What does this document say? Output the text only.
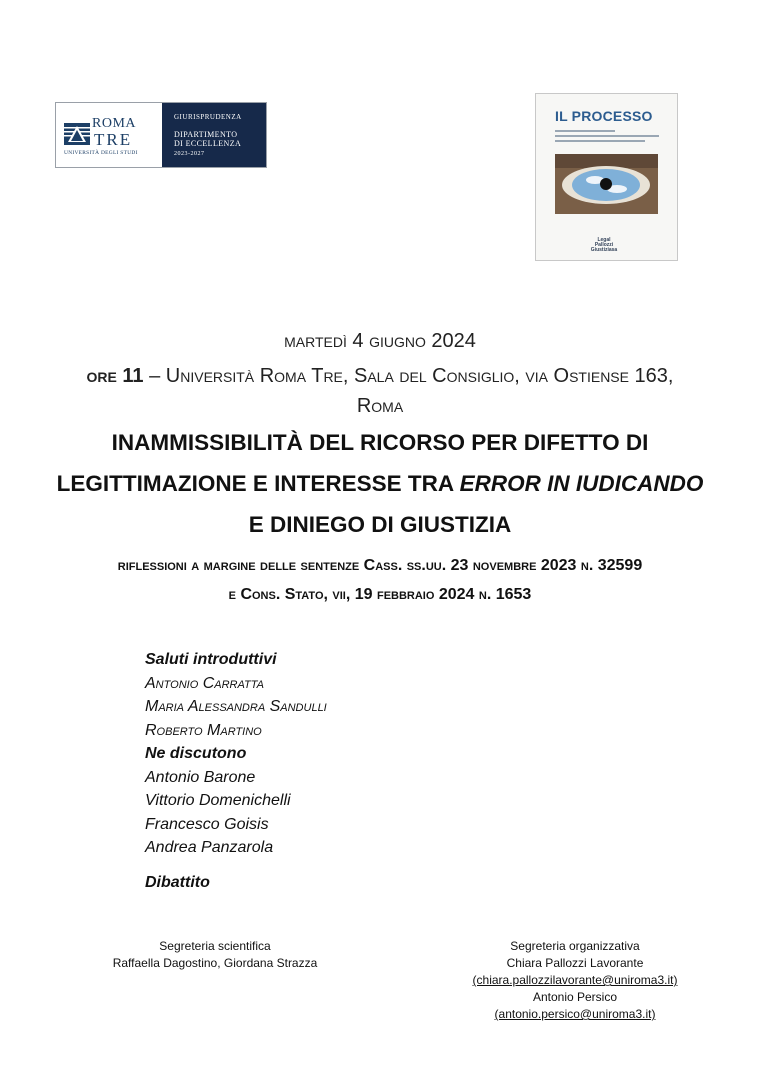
ROMA
TRE
UNIVERSITÀ DEGLI STUDI
GIURISPRUDENZA
DIPARTIMENTO
DI ECCELLENZA
2023-2027
IL PROCESSO
Legal
Pallozzi
Giustiziasa
martedì 4 giugno 2024
ore 11 – Università Roma Tre, Sala del Consiglio, via Ostiense 163,
Roma
INAMMISSIBILITÀ DEL RICORSO PER DIFETTO DI
LEGITTIMAZIONE E INTERESSE TRA ERROR IN IUDICANDO
E DINIEGO DI GIUSTIZIA
riflessioni a margine delle sentenze Cass. ss.uu. 23 novembre 2023 n. 32599
e Cons. Stato, vii, 19 febbraio 2024 n. 1653
Saluti introduttivi
Antonio Carratta
Maria Alessandra Sandulli
Roberto Martino
Ne discutono
Antonio Barone
Vittorio Domenichelli
Francesco Goisis
Andrea Panzarola
Dibattito
Segreteria scientifica
Raffaella Dagostino, Giordana Strazza
Segreteria organizzativa
Chiara Pallozzi Lavorante
(chiara.pallozzilavorante@uniroma3.it)
Antonio Persico
(antonio.persico@uniroma3.it)
